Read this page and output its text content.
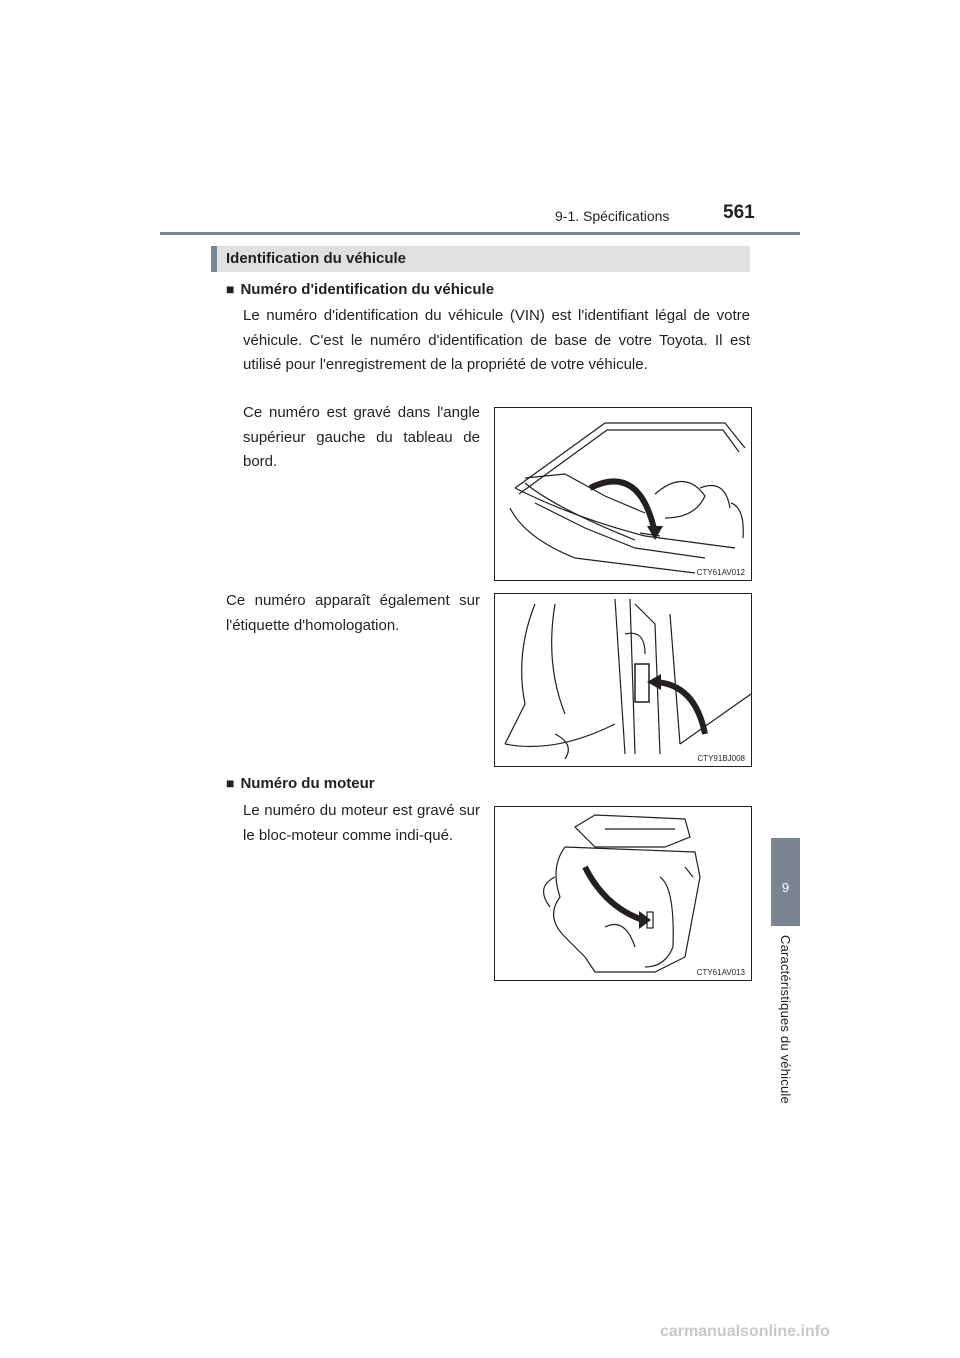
9-1. Spécifications	561
9
Caractéristiques du véhicule
Identification du véhicule
■ Numéro d'identification du véhicule
Le numéro d'identification du véhicule (VIN) est l'identifiant légal de votre véhicule. C'est le numéro d'identification de base de votre Toyota. Il est utilisé pour l'enregistrement de la propriété de votre véhicule.
Ce numéro est gravé dans l'angle supérieur gauche du tableau de bord.
CTY61AV012
Ce numéro apparaît également sur l'étiquette d'homologation.
CTY91BJ008
■ Numéro du moteur
Le numéro du moteur est gravé sur le bloc-moteur comme indi-qué.
CTY61AV013
carmanualsonline.info
